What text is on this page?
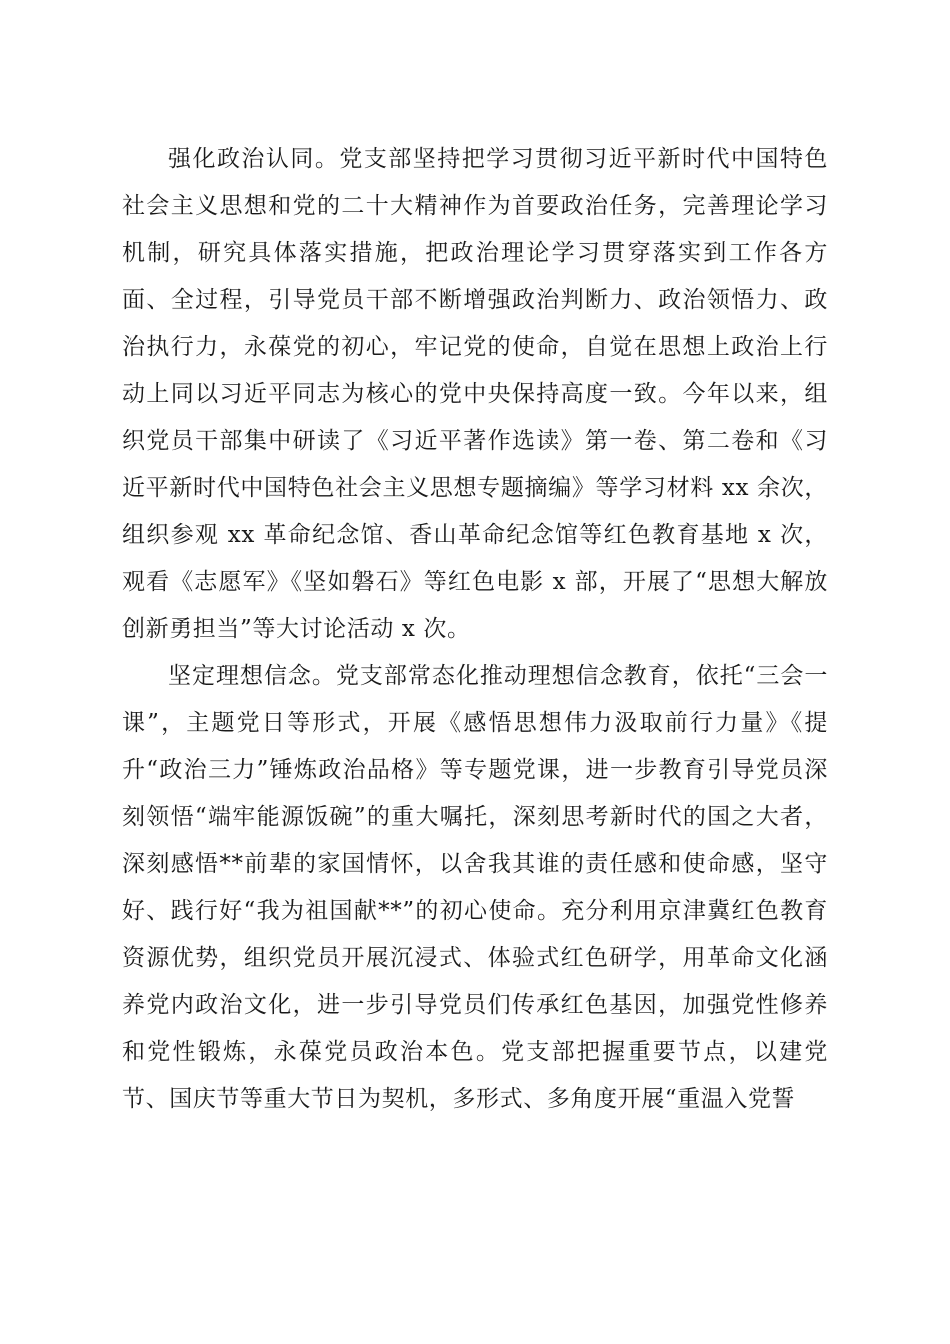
强化政治认同。党支部坚持把学习贯彻习近平新时代中国特色社会主义思想和党的二十大精神作为首要政治任务，完善理论学习机制，研究具体落实措施，把政治理论学习贯穿落实到工作各方面、全过程，引导党员干部不断增强政治判断力、政治领悟力、政治执行力，永葆党的初心，牢记党的使命，自觉在思想上政治上行动上同以习近平同志为核心的党中央保持高度一致。今年以来，组织党员干部集中研读了《习近平著作选读》第一卷、第二卷和《习近平新时代中国特色社会主义思想专题摘编》等学习材料 xx 余次，组织参观 xx 革命纪念馆、香山革命纪念馆等红色教育基地 x 次，观看《志愿军》《坚如磐石》等红色电影 x 部，开展了“思想大解放创新勇担当”等大讨论活动 x 次。

坚定理想信念。党支部常态化推动理想信念教育，依托“三会一课”，主题党日等形式，开展《感悟思想伟力汲取前行力量》《提升“政治三力”锤炼政治品格》等专题党课，进一步教育引导党员深刻领悟“端牢能源饭碗”的重大嘱托，深刻思考新时代的国之大者，深刻感悟**前辈的家国情怀，以舍我其谁的责任感和使命感，坚守好、践行好“我为祖国献**”的初心使命。充分利用京津冀红色教育资源优势，组织党员开展沉浸式、体验式红色研学，用革命文化涵养党内政治文化，进一步引导党员们传承红色基因，加强党性修养和党性锻炼，永葆党员政治本色。党支部把握重要节点，以建党节、国庆节等重大节日为契机，多形式、多角度开展“重温入党誓
